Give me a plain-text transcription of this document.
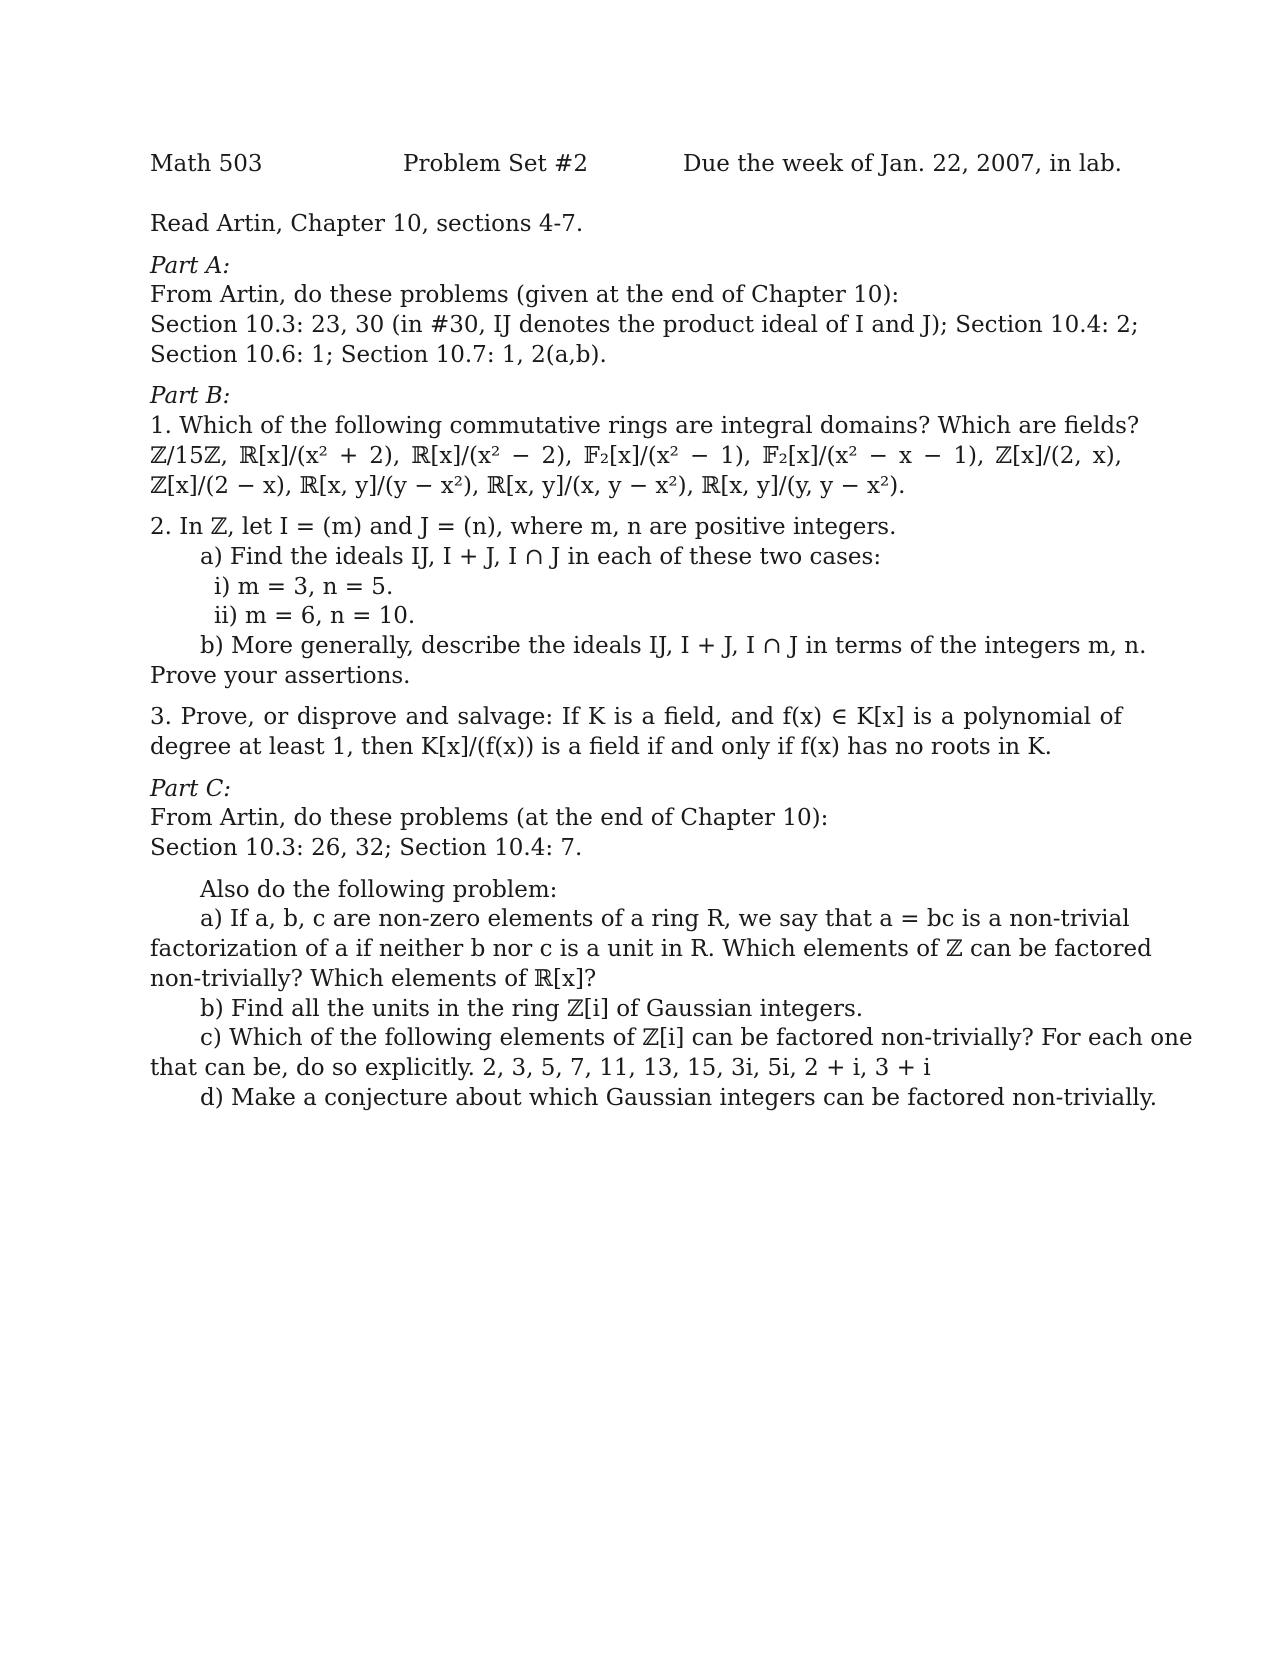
Math 503	Problem Set #2	Due the week of Jan. 22, 2007, in lab.
Read Artin, Chapter 10, sections 4-7.
Part A:
From Artin, do these problems (given at the end of Chapter 10):
Section 10.3: 23, 30 (in #30, IJ denotes the product ideal of I and J); Section 10.4: 2;
Section 10.6: 1; Section 10.7: 1, 2(a,b).
Part B:
1. Which of the following commutative rings are integral domains? Which are fields?
ℤ/15ℤ, ℝ[x]/(x² + 2), ℝ[x]/(x² − 2), 𝔽₂[x]/(x² − 1), 𝔽₂[x]/(x² − x − 1), ℤ[x]/(2, x),
ℤ[x]/(2 − x), ℝ[x, y]/(y − x²), ℝ[x, y]/(x, y − x²), ℝ[x, y]/(y, y − x²).
2. In ℤ, let I = (m) and J = (n), where m, n are positive integers.
a) Find the ideals IJ, I + J, I ∩ J in each of these two cases:
i) m = 3, n = 5.
ii) m = 6, n = 10.
b) More generally, describe the ideals IJ, I + J, I ∩ J in terms of the integers m, n.
Prove your assertions.
3. Prove, or disprove and salvage: If K is a field, and f(x) ∈ K[x] is a polynomial of
degree at least 1, then K[x]/(f(x)) is a field if and only if f(x) has no roots in K.
Part C:
From Artin, do these problems (at the end of Chapter 10):
Section 10.3: 26, 32; Section 10.4: 7.
Also do the following problem:
a) If a, b, c are non-zero elements of a ring R, we say that a = bc is a non-trivial
factorization of a if neither b nor c is a unit in R. Which elements of ℤ can be factored
non-trivially? Which elements of ℝ[x]?
b) Find all the units in the ring ℤ[i] of Gaussian integers.
c) Which of the following elements of ℤ[i] can be factored non-trivially? For each one
that can be, do so explicitly. 2, 3, 5, 7, 11, 13, 15, 3i, 5i, 2 + i, 3 + i
d) Make a conjecture about which Gaussian integers can be factored non-trivially.
